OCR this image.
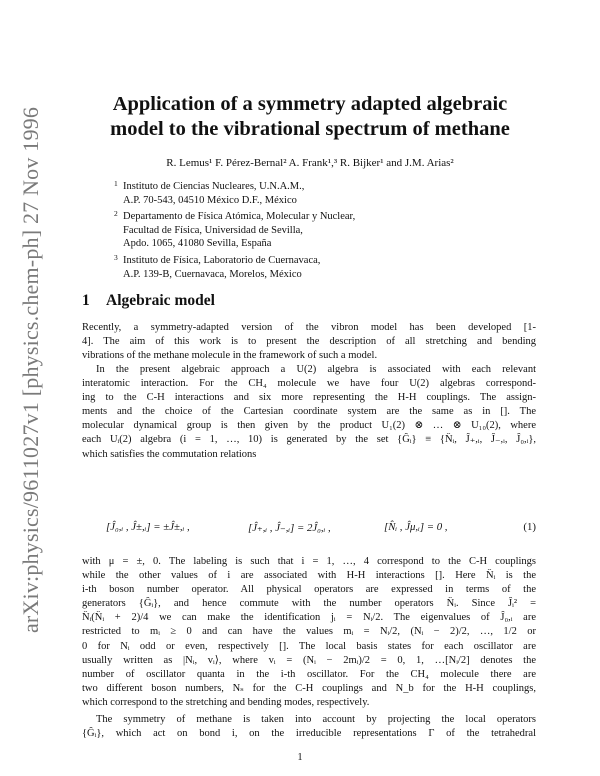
arXiv:physics/9611027v1 [physics.chem-ph] 27 Nov 1996
Application of a symmetry adapted algebraic
model to the vibrational spectrum of methane
R. Lemus¹ F. Pérez-Bernal² A. Frank¹,³ R. Bijker¹ and J.M. Arias²
1 Instituto de Ciencias Nucleares, U.N.A.M.,
A.P. 70-543, 04510 México D.F., México
2 Departamento de Física Atómica, Molecular y Nuclear,
Facultad de Física, Universidad de Sevilla,
Apdo. 1065, 41080 Sevilla, España
3 Instituto de Física, Laboratorio de Cuernavaca,
A.P. 139-B, Cuernavaca, Morelos, México
1 Algebraic model
Recently, a symmetry-adapted version of the vibron model has been developed [1-
4]. The aim of this work is to present the description of all stretching and bending
vibrations of the methane molecule in the framework of such a model.
In the present algebraic approach a U(2) algebra is associated with each relevant
interatomic interaction. For the CH₄ molecule we have four U(2) algebras correspond-
ing to the C-H interactions and six more representing the H-H couplings. The assign-
ments and the choice of the Cartesian coordinate system are the same as in []. The
molecular dynamical group is then given by the product U₁(2) ⊗ … ⊗ U₁₀(2), where
each Uᵢ(2) algebra (i = 1, …, 10) is generated by the set {Ĝᵢ} ≡ {N̂ᵢ, Ĵ₊,ᵢ, Ĵ₋,ᵢ, Ĵ₀,ᵢ},
which satisfies the commutation relations
[Ĵ₀,ᵢ , Ĵ±,ᵢ] = ±Ĵ±,ᵢ ,	[Ĵ₊,ᵢ , Ĵ₋,ᵢ] = 2Ĵ₀,ᵢ ,	[N̂ᵢ , Ĵμ,ᵢ] = 0 ,	(1)
with μ = ±, 0. The labeling is such that i = 1, …, 4 correspond to the C-H couplings
while the other values of i are associated with H-H interactions []. Here N̂ᵢ is the
i-th boson number operator. All physical operators are expressed in terms of the
generators {Ĝᵢ}, and hence commute with the number operators N̂ᵢ. Since Ĵᵢ² =
N̂ᵢ(N̂ᵢ + 2)/4 we can make the identification jᵢ = Nᵢ/2. The eigenvalues of Ĵ₀,ᵢ are
restricted to mᵢ ≥ 0 and can have the values mᵢ = Nᵢ/2, (Nᵢ − 2)/2, …, 1/2 or
0 for Nᵢ odd or even, respectively []. The local basis states for each oscillator are
usually written as |Nᵢ, vᵢ⟩, where vᵢ = (Nᵢ − 2mᵢ)/2 = 0, 1, …[Nᵢ/2] denotes the
number of oscillator quanta in the i-th oscillator. For the CH₄ molecule there are
two different boson numbers, Nₛ for the C-H couplings and N_b for the H-H couplings,
which correspond to the stretching and bending modes, respectively.
The symmetry of methane is taken into account by projecting the local operators
{Ĝᵢ}, which act on bond i, on the irreducible representations Γ of the tetrahedral
1
